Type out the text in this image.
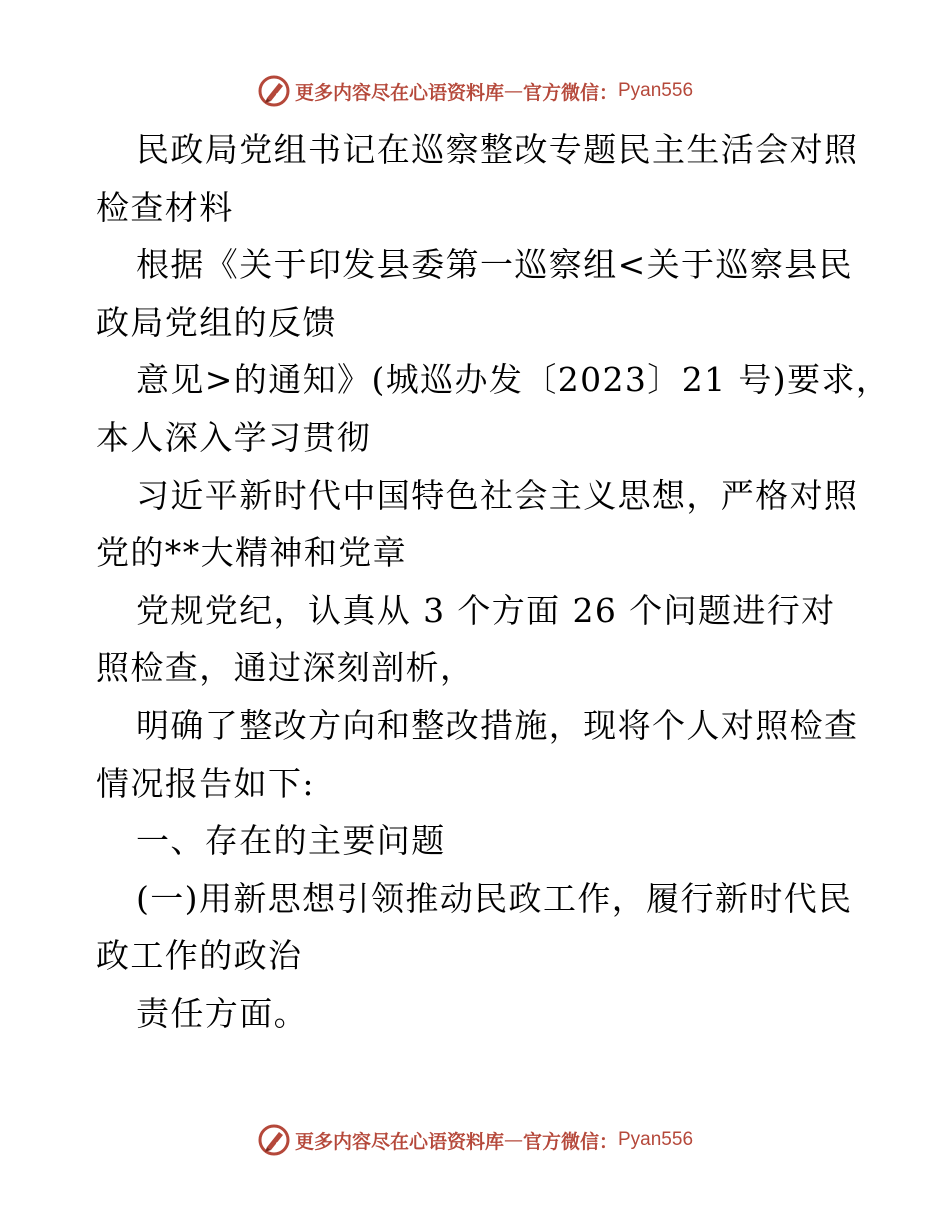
更多内容尽在心语资料库 — 官方微信： Pyan556
民政局党组书记在巡察整改专题民主生活会对照
检查材料
根据《关于印发县委第一巡察组<关于巡察县民
政局党组的反馈
意见>的通知》(城巡办发〔2023〕21 号)要求，
本人深入学习贯彻
习近平新时代中国特色社会主义思想，严格对照
党的**大精神和党章
党规党纪，认真从 3 个方面 26 个问题进行对
照检查，通过深刻剖析，
明确了整改方向和整改措施，现将个人对照检查
情况报告如下:
一、存在的主要问题
(一)用新思想引领推动民政工作，履行新时代民
政工作的政治
责任方面。
更多内容尽在心语资料库 — 官方微信： Pyan556
